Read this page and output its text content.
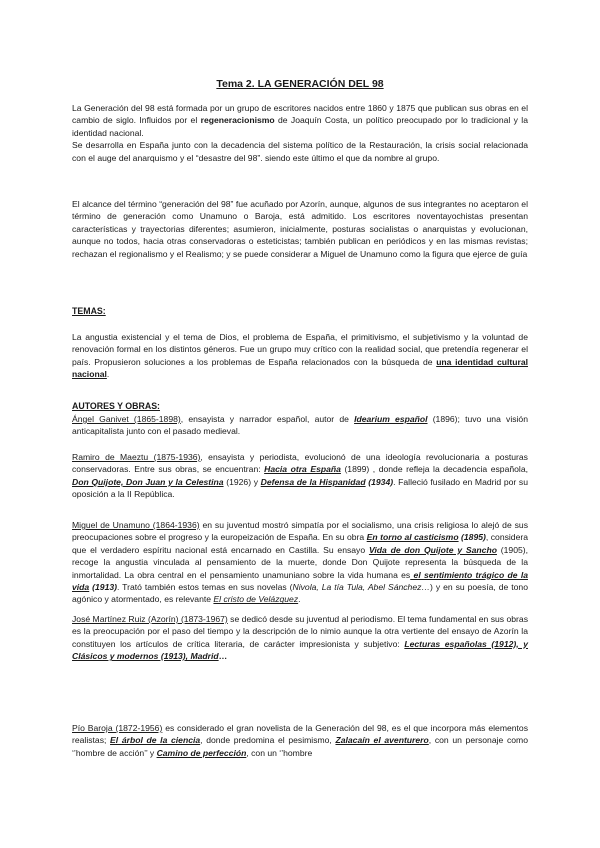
Tema 2. LA GENERACIÓN DEL 98

La Generación del 98 está formada por un grupo de escritores nacidos entre 1860 y 1875 que publican sus obras en el cambio de siglo. Influidos por el regeneracionismo de Joaquín Costa, un político preocupado por lo tradicional y la identidad nacional.
Se desarrolla en España junto con la decadencia del sistema político de la Restauración, la crisis social relacionada con el auge del anarquismo y el “desastre del 98”. siendo este último el que da nombre al grupo.

El alcance del término “generación del 98” fue acuñado por Azorín, aunque, algunos de sus integrantes no aceptaron el término de generación como Unamuno o Baroja, está admitido. Los escritores noventayochistas presentan características y trayectorias diferentes; asumieron, inicialmente, posturas socialistas o anarquistas y evolucionan, aunque no todos, hacia otras conservadoras o esteticistas; también publican en periódicos y en las mismas revistas; rechazan el regionalismo y el Realismo; y se puede considerar a Miguel de Unamuno como la figura que ejerce de guía

TEMAS:

La angustia existencial y el tema de Dios, el problema de España, el primitivismo, el subjetivismo y la voluntad de renovación formal en los distintos géneros. Fue un grupo muy crítico con la realidad social, que pretendía regenerar el país. Propusieron soluciones a los problemas de España relacionados con la búsqueda de una identidad cultural nacional.

AUTORES Y OBRAS:

Ángel Ganivet (1865-1898), ensayista y narrador español, autor de Idearium español (1896); tuvo una visión anticapitalista junto con el pasado medieval.

Ramiro de Maeztu (1875-1936), ensayista y periodista, evolucionó de una ideología revolucionaria a posturas conservadoras. Entre sus obras, se encuentran: Hacia otra España (1899) , donde refleja la decadencia española, Don Quijote, Don Juan y la Celestina (1926) y Defensa de la Hispanidad (1934). Falleció fusilado en Madrid por su oposición a la II República.

Miguel de Unamuno (1864-1936) en su juventud mostró simpatía por el socialismo, una crisis religiosa lo alejó de sus preocupaciones sobre el progreso y la europeización de España. En su obra En torno al casticismo (1895), considera que el verdadero espíritu nacional está encarnado en Castilla. Su ensayo Vida de don Quijote y Sancho (1905), recoge la angustia vinculada al pensamiento de la muerte, donde Don Quijote representa la búsqueda de la inmortalidad. La obra central en el pensamiento unamuniano sobre la vida humana es el sentimiento trágico de la vida (1913). Trató también estos temas en sus novelas (Nivola, La tía Tula, Abel Sánchez…) y en su poesía, de tono agónico y atormentado, es relevante El cristo de Velázquez.

José Martínez Ruiz (Azorín) (1873-1967) se dedicó desde su juventud al periodismo. El tema fundamental en sus obras es la preocupación por el paso del tiempo y la descripción de lo nimio aunque la otra vertiente del ensayo de Azorín la constituyen los artículos de crítica literaria, de carácter impresionista y subjetivo: Lecturas españolas (1912), y Clásicos y modernos (1913), Madrid…

Pío Baroja (1872-1956) es considerado el gran novelista de la Generación del 98, es el que incorpora más elementos realistas; El árbol de la ciencia, donde predomina el pesimismo, Zalacaín el aventurero, con un personaje como ‘’hombre de acción’’ y Camino de perfección, con un ‘’hombre
